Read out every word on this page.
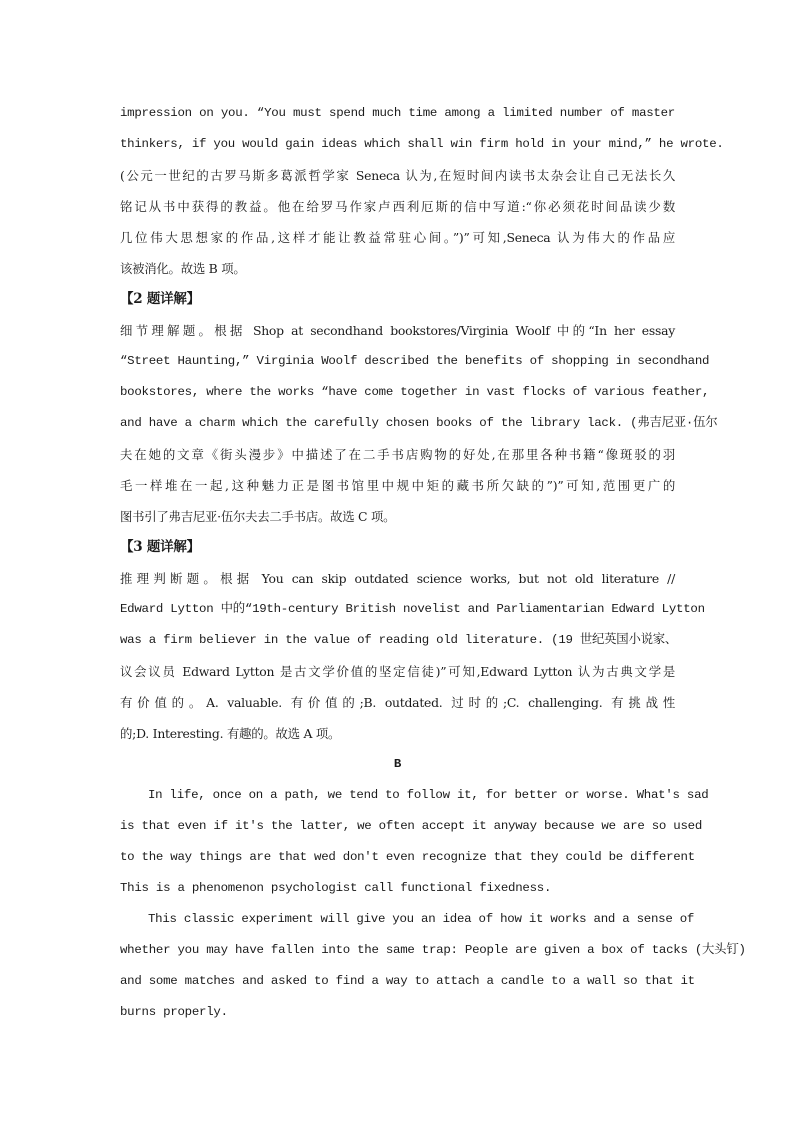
impression on you. “You must spend much time among a limited number of master
thinkers, if you would gain ideas which shall win firm hold in your mind,” he wrote.
(公元一世纪的古罗马斯多葛派哲学家 Seneca 认为,在短时间内读书太杂会让自己无法长久
铭记从书中获得的教益。他在给罗马作家卢西利厄斯的信中写道:“你必须花时间品读少数
几位伟大思想家的作品,这样才能让教益常驻心间。”)”可知,Seneca 认为伟大的作品应
该被消化。故选 B 项。
【2 题详解】
细节理解题。根据 Shop at secondhand bookstores/Virginia Woolf 中的“In her essay
“Street Haunting,” Virginia Woolf described the benefits of shopping in secondhand
bookstores, where the works “have come together in vast flocks of various feather,
and have a charm which the carefully chosen books of the library lack. (弗吉尼亚·伍尔
夫在她的文章《街头漫步》中描述了在二手书店购物的好处,在那里各种书籍“像斑驳的羽
毛一样堆在一起,这种魅力正是图书馆里中规中矩的藏书所欠缺的”)”可知,范围更广的
图书引了弗吉尼亚·伍尔夫去二手书店。故选 C 项。
【3 题详解】
推理判断题。根据 You can skip outdated science works, but not old literature //
Edward Lytton 中的“19th-century British novelist and Parliamentarian Edward Lytton
was a firm believer in the value of reading old literature. (19 世纪英国小说家、
议会议员 Edward Lytton 是古文学价值的坚定信徒)”可知,Edward Lytton 认为古典文学是
有价值的。A. valuable. 有价值的;B. outdated. 过时的;C. challenging. 有挑战性
的;D. Interesting. 有趣的。故选 A 项。
B
In life, once on a path, we tend to follow it, for better or worse. What's sad
is that even if it's the latter, we often accept it anyway because we are so used
to the way things are that wed don't even recognize that they could be different
This is a phenomenon psychologist call functional fixedness.
This classic experiment will give you an idea of how it works and a sense of
whether you may have fallen into the same trap: People are given a box of tacks (大头钉)
and some matches and asked to find a way to attach a candle to a wall so that it
burns properly.
